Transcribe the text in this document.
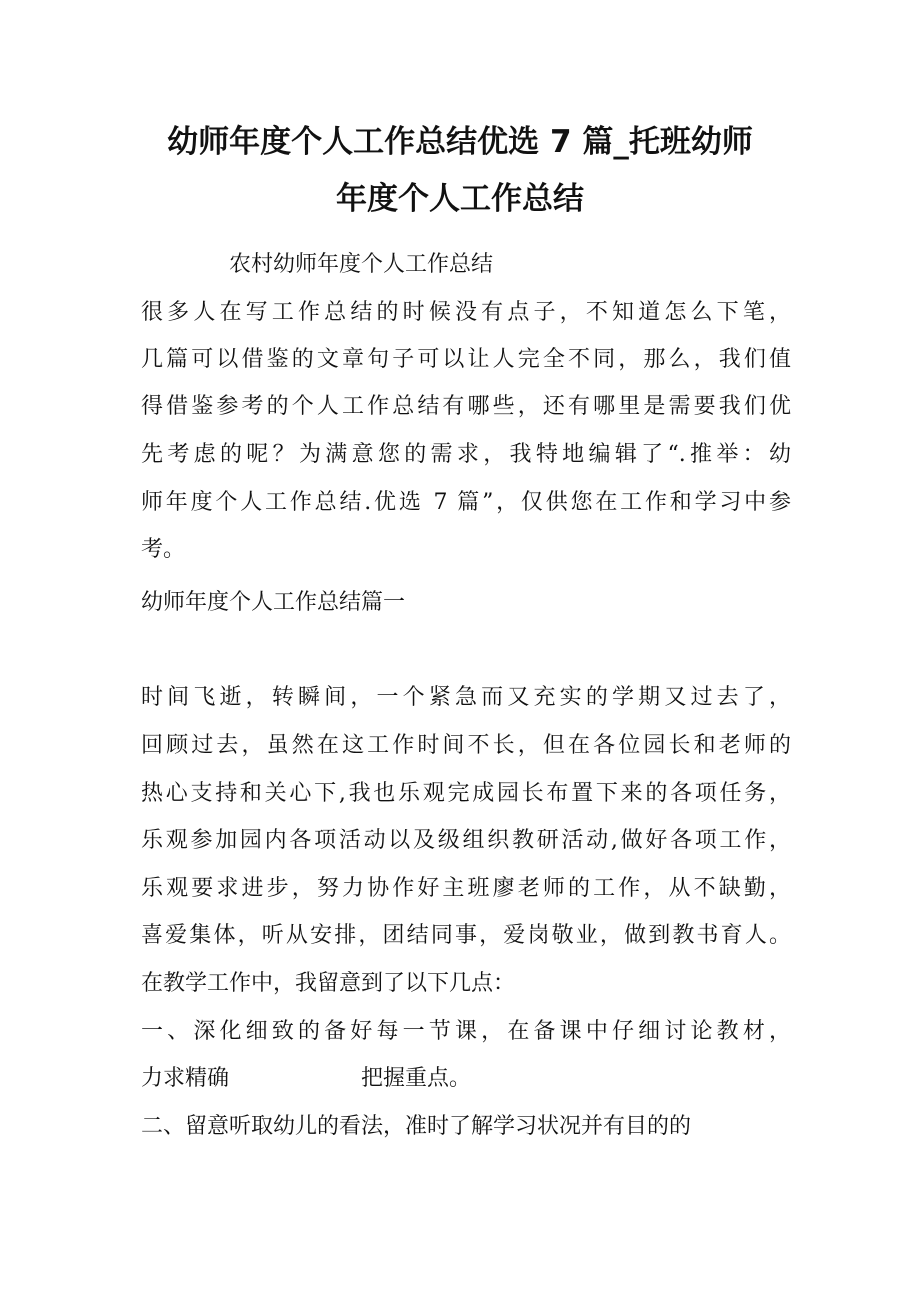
幼师年度个人工作总结优选 7 篇_托班幼师
年度个人工作总结
农村幼师年度个人工作总结
很多人在写工作总结的时候没有点子，不知道怎么下笔，
几篇可以借鉴的文章句子可以让人完全不同，那么，我们值
得借鉴参考的个人工作总结有哪些，还有哪里是需要我们优
先考虑的呢？为满意您的需求，我特地编辑了“.推举：幼
师年度个人工作总结.优选 7 篇”，仅供您在工作和学习中参
考。
幼师年度个人工作总结篇一
时间飞逝，转瞬间，一个紧急而又充实的学期又过去了，
回顾过去，虽然在这工作时间不长，但在各位园长和老师的
热心支持和关心下,我也乐观完成园长布置下来的各项任务，
乐观参加园内各项活动以及级组织教研活动,做好各项工作，
乐观要求进步，努力协作好主班廖老师的工作，从不缺勤，
喜爱集体，听从安排，团结同事，爱岗敬业，做到教书育人。
在教学工作中，我留意到了以下几点：
一、深化细致的备好每一节课，在备课中仔细讨论教材，
力求精确	把握重点。
二、留意听取幼儿的看法，准时了解学习状况并有目的的
